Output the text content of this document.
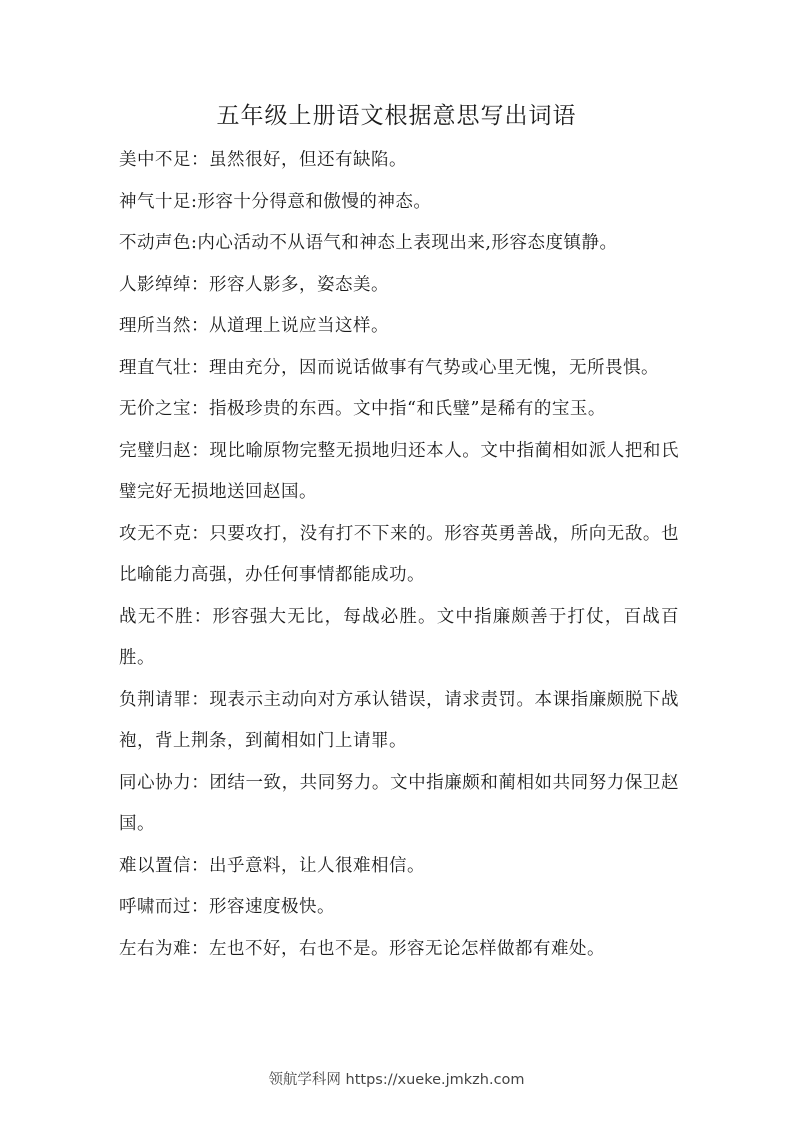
五年级上册语文根据意思写出词语

美中不足：虽然很好，但还有缺陷。

神气十足:形容十分得意和傲慢的神态。

不动声色:内心活动不从语气和神态上表现出来,形容态度镇静。

人影绰绰：形容人影多，姿态美。

理所当然：从道理上说应当这样。

理直气壮：理由充分，因而说话做事有气势或心里无愧，无所畏惧。

无价之宝：指极珍贵的东西。文中指“和氏璧”是稀有的宝玉。

完璧归赵：现比喻原物完整无损地归还本人。文中指蔺相如派人把和氏璧完好无损地送回赵国。

攻无不克：只要攻打，没有打不下来的。形容英勇善战，所向无敌。也比喻能力高强，办任何事情都能成功。

战无不胜：形容强大无比，每战必胜。文中指廉颇善于打仗，百战百胜。

负荆请罪：现表示主动向对方承认错误，请求责罚。本课指廉颇脱下战袍，背上荆条，到蔺相如门上请罪。

同心协力：团结一致，共同努力。文中指廉颇和蔺相如共同努力保卫赵国。

难以置信：出乎意料，让人很难相信。

呼啸而过：形容速度极快。

左右为难：左也不好，右也不是。形容无论怎样做都有难处。

领航学科网 https://xueke.jmkzh.com
